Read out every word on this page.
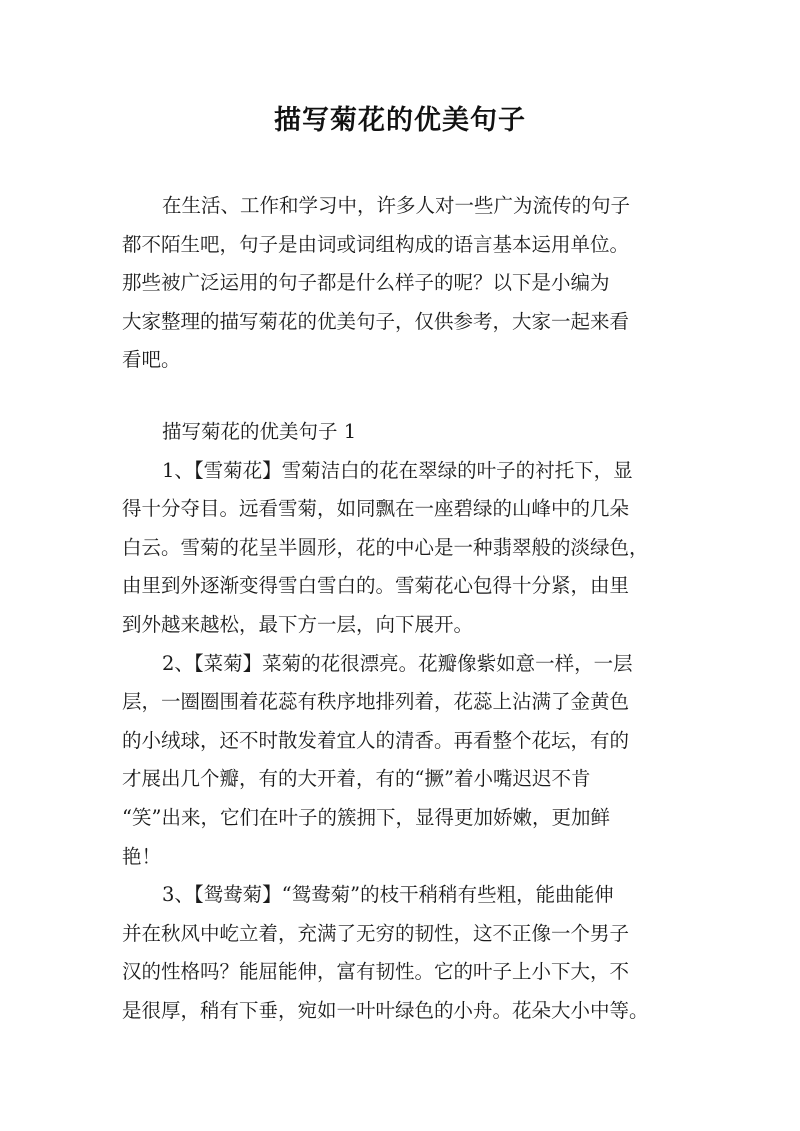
描写菊花的优美句子
在生活、工作和学习中，许多人对一些广为流传的句子
都不陌生吧，句子是由词或词组构成的语言基本运用单位。
那些被广泛运用的句子都是什么样子的呢？以下是小编为
大家整理的描写菊花的优美句子，仅供参考，大家一起来看
看吧。
描写菊花的优美句子 1
1、【雪菊花】雪菊洁白的花在翠绿的叶子的衬托下，显
得十分夺目。远看雪菊，如同飘在一座碧绿的山峰中的几朵
白云。雪菊的花呈半圆形，花的中心是一种翡翠般的淡绿色，
由里到外逐渐变得雪白雪白的。雪菊花心包得十分紧，由里
到外越来越松，最下方一层，向下展开。
2、【菜菊】菜菊的花很漂亮。花瓣像紫如意一样，一层
层，一圈圈围着花蕊有秩序地排列着，花蕊上沾满了金黄色
的小绒球，还不时散发着宜人的清香。再看整个花坛，有的
才展出几个瓣，有的大开着，有的“撅”着小嘴迟迟不肯
“笑”出来，它们在叶子的簇拥下，显得更加娇嫩，更加鲜
艳！
3、【鸳鸯菊】“鸳鸯菊”的枝干稍稍有些粗，能曲能伸
并在秋风中屹立着，充满了无穷的韧性，这不正像一个男子
汉的性格吗？能屈能伸，富有韧性。它的叶子上小下大，不
是很厚，稍有下垂，宛如一叶叶绿色的小舟。花朵大小中等。
